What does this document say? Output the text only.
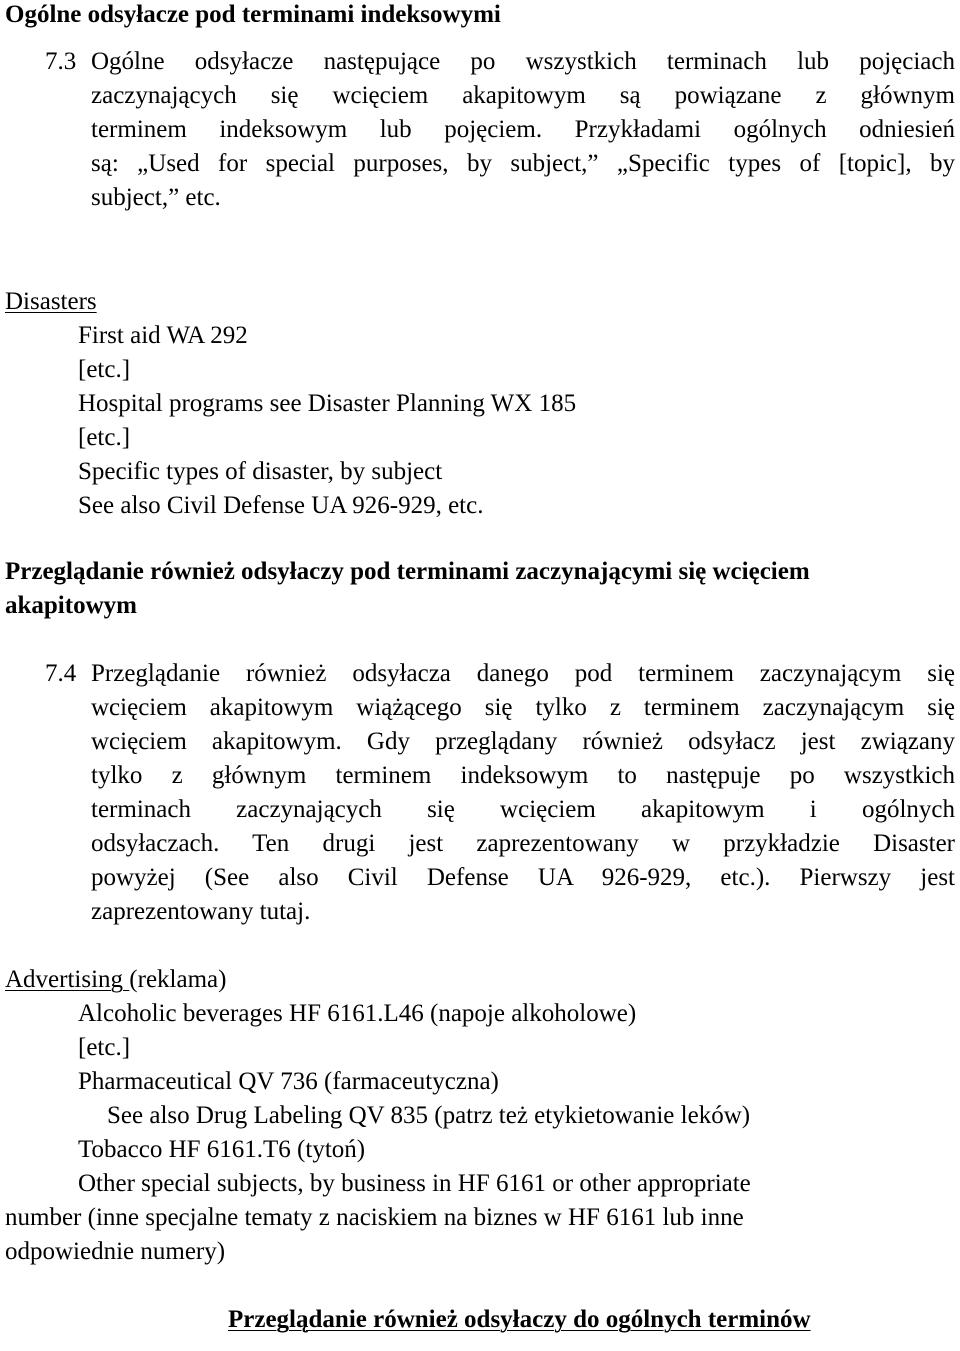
Ogólne odsyłacze pod terminami indeksowymi
7.3 Ogólne odsyłacze następujące po wszystkich terminach lub pojęciach
zaczynających się wcięciem akapitowym są powiązane z głównym
terminem indeksowym lub pojęciem. Przykładami ogólnych odniesień
są: „Used for special purposes, by subject,” „Specific types of [topic], by
subject,” etc.
Disasters
First aid WA 292
[etc.]
Hospital programs see Disaster Planning WX 185
[etc.]
Specific types of disaster, by subject
See also Civil Defense UA 926-929, etc.
Przeglądanie również odsyłaczy pod terminami zaczynającymi się wcięciem
akapitowym
7.4 Przeglądanie również odsyłacza danego pod terminem zaczynającym się
wcięciem akapitowym wiążącego się tylko z terminem zaczynającym się
wcięciem akapitowym. Gdy przeglądany również odsyłacz jest związany
tylko z głównym terminem indeksowym to następuje po wszystkich
terminach zaczynających się wcięciem akapitowym i ogólnych
odsyłaczach. Ten drugi jest zaprezentowany w przykładzie Disaster
powyżej (See also Civil Defense UA 926-929, etc.). Pierwszy jest
zaprezentowany tutaj.
Advertising (reklama)
Alcoholic beverages HF 6161.L46 (napoje alkoholowe)
[etc.]
Pharmaceutical QV 736 (farmaceutyczna)
See also Drug Labeling QV 835 (patrz też etykietowanie leków)
Tobacco HF 6161.T6 (tytoń)
Other special subjects, by business in HF 6161 or other appropriate
number (inne specjalne tematy z naciskiem na biznes w HF 6161 lub inne
odpowiednie numery)
Przeglądanie również odsyłaczy do ogólnych terminów
